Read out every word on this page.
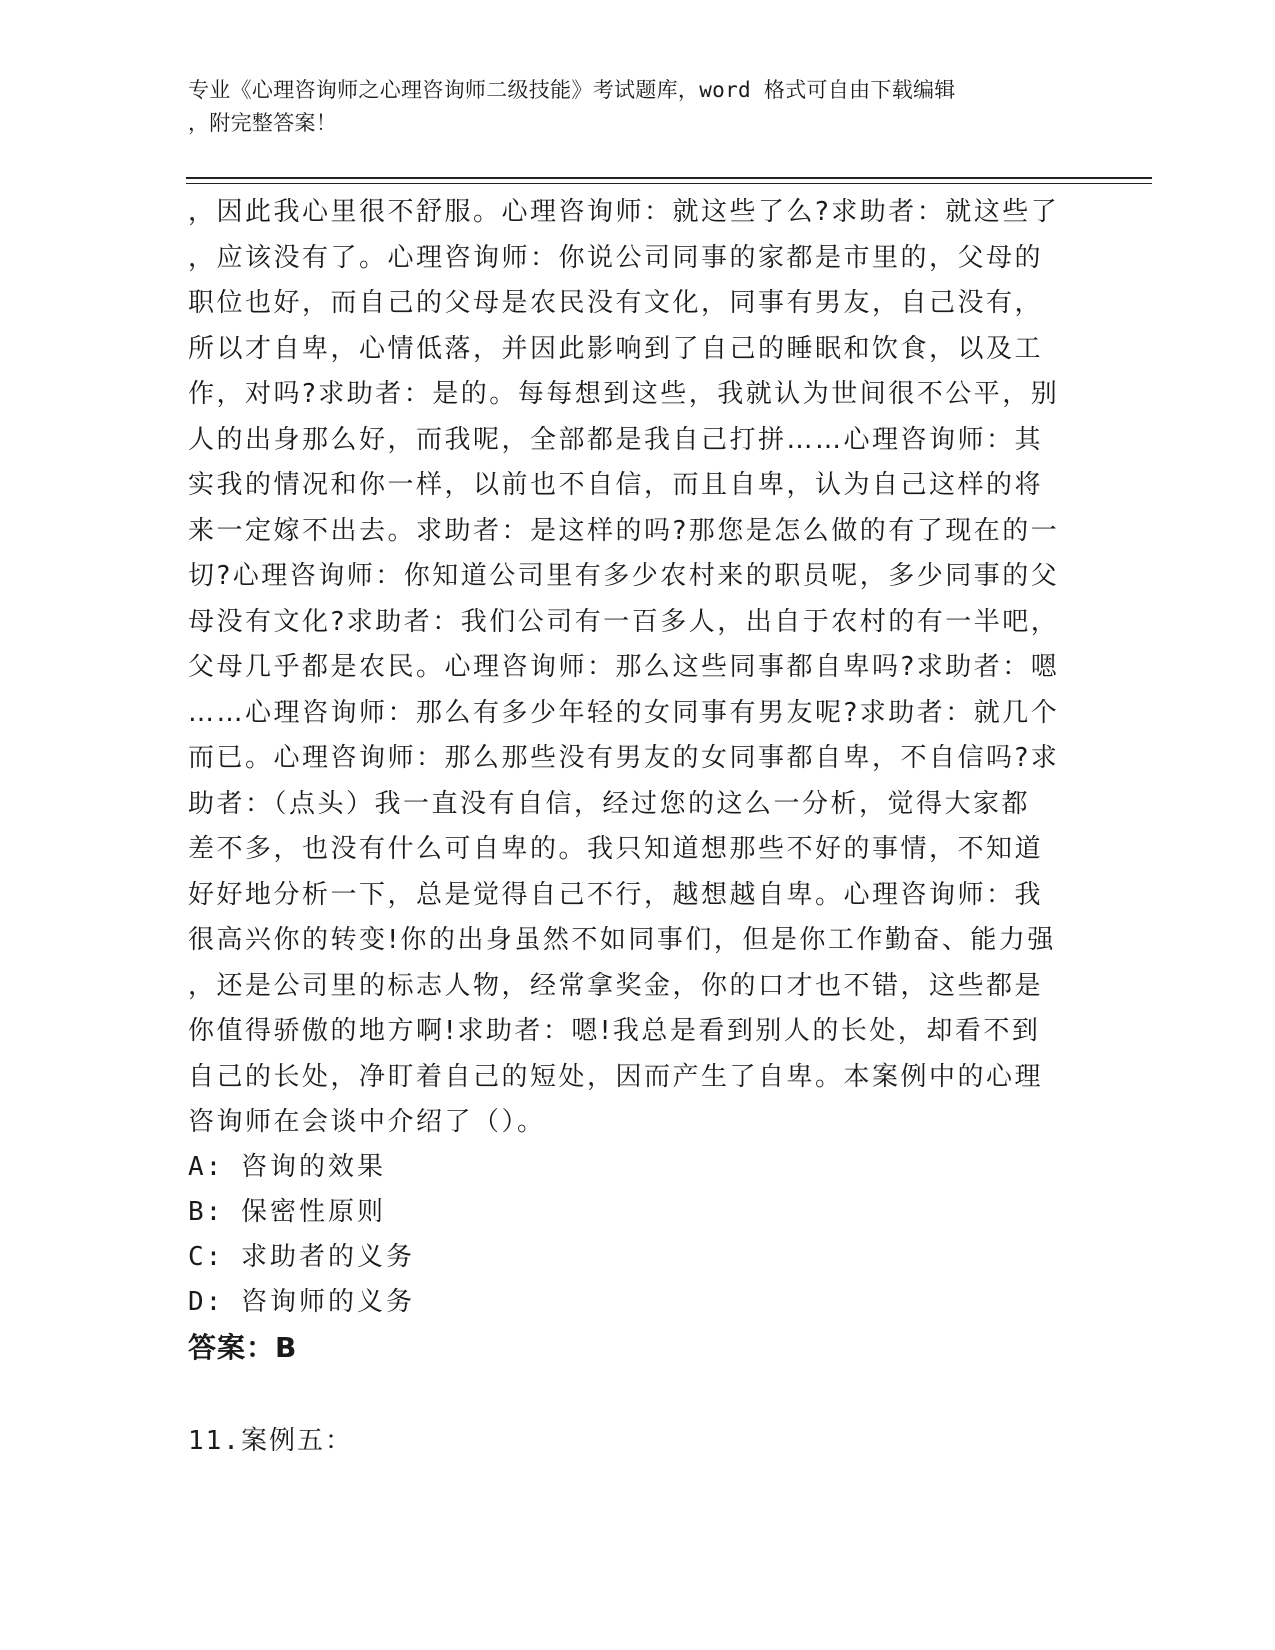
专业《心理咨询师之心理咨询师二级技能》考试题库，word 格式可自由下载编辑
，附完整答案！
，因此我心里很不舒服。心理咨询师：就这些了么?求助者：就这些了
，应该没有了。心理咨询师：你说公司同事的家都是市里的，父母的
职位也好，而自己的父母是农民没有文化，同事有男友，自己没有，
所以才自卑，心情低落，并因此影响到了自己的睡眠和饮食，以及工
作，对吗?求助者：是的。每每想到这些，我就认为世间很不公平，别
人的出身那么好，而我呢，全部都是我自己打拼……心理咨询师：其
实我的情况和你一样，以前也不自信，而且自卑，认为自己这样的将
来一定嫁不出去。求助者：是这样的吗?那您是怎么做的有了现在的一
切?心理咨询师：你知道公司里有多少农村来的职员呢，多少同事的父
母没有文化?求助者：我们公司有一百多人，出自于农村的有一半吧，
父母几乎都是农民。心理咨询师：那么这些同事都自卑吗?求助者：嗯
……心理咨询师：那么有多少年轻的女同事有男友呢?求助者：就几个
而已。心理咨询师：那么那些没有男友的女同事都自卑，不自信吗?求
助者：（点头）我一直没有自信，经过您的这么一分析，觉得大家都
差不多，也没有什么可自卑的。我只知道想那些不好的事情，不知道
好好地分析一下，总是觉得自己不行，越想越自卑。心理咨询师：我
很高兴你的转变!你的出身虽然不如同事们，但是你工作勤奋、能力强
，还是公司里的标志人物，经常拿奖金，你的口才也不错，这些都是
你值得骄傲的地方啊!求助者：嗯!我总是看到别人的长处，却看不到
自己的长处，净盯着自己的短处，因而产生了自卑。本案例中的心理
咨询师在会谈中介绍了（）。
A: 咨询的效果
B: 保密性原则
C: 求助者的义务
D: 咨询师的义务
答案：B
11.案例五：
